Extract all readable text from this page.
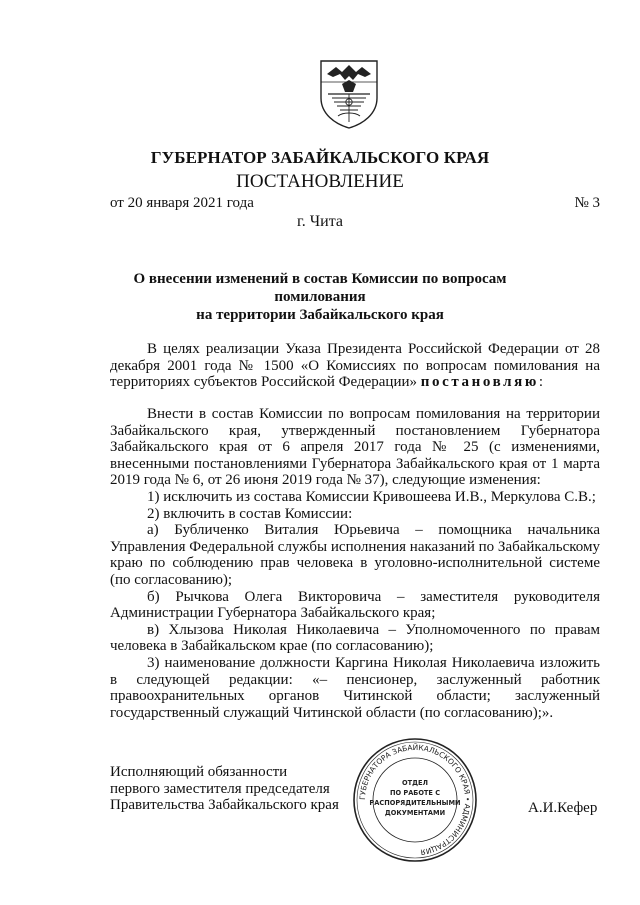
ГУБЕРНАТОР ЗАБАЙКАЛЬСКОГО КРАЯ
ПОСТАНОВЛЕНИЕ
от 20 января 2021 года	№ 3
г. Чита
О внесении изменений в состав Комиссии по вопросам помилования
на территории Забайкальского края

В целях реализации Указа Президента Российской Федерации от 28 декабря 2001 года № 1500 «О Комиссиях по вопросам помилования на территориях субъектов Российской Федерации» постановляю:

Внести в состав Комиссии по вопросам помилования на территории Забайкальского края, утвержденный постановлением Губернатора Забайкальского края от 6 апреля 2017 года № 25 (с изменениями, внесенными постановлениями Губернатора Забайкальского края от 1 марта 2019 года № 6, от 26 июня 2019 года № 37), следующие изменения:

1) исключить из состава Комиссии Кривошеева И.В., Меркулова С.В.;

2) включить в состав Комиссии:

а) Бубличенко Виталия Юрьевича – помощника начальника Управления Федеральной службы исполнения наказаний по Забайкальскому краю по соблюдению прав человека в уголовно-исполнительной системе (по согласованию);

б) Рычкова Олега Викторовича – заместителя руководителя Администрации Губернатора Забайкальского края;

в) Хлызова Николая Николаевича – Уполномоченного по правам человека в Забайкальском крае (по согласованию);

3) наименование должности Каргина Николая Николаевича изложить в следующей редакции: «– пенсионер, заслуженный работник правоохранительных органов Читинской области; заслуженный государственный служащий Читинской области (по согласованию);».

Исполняющий обязанности
первого заместителя председателя
Правительства Забайкальского края	А.И.Кефер
ГУБЕРНАТОРА ЗАБАЙКАЛЬСКОГО КРАЯ • АДМИНИСТРАЦИЯ
ОТДЕЛ
ПО РАБОТЕ С
РАСПОРЯДИТЕЛЬНЫМИ
ДОКУМЕНТАМИ
